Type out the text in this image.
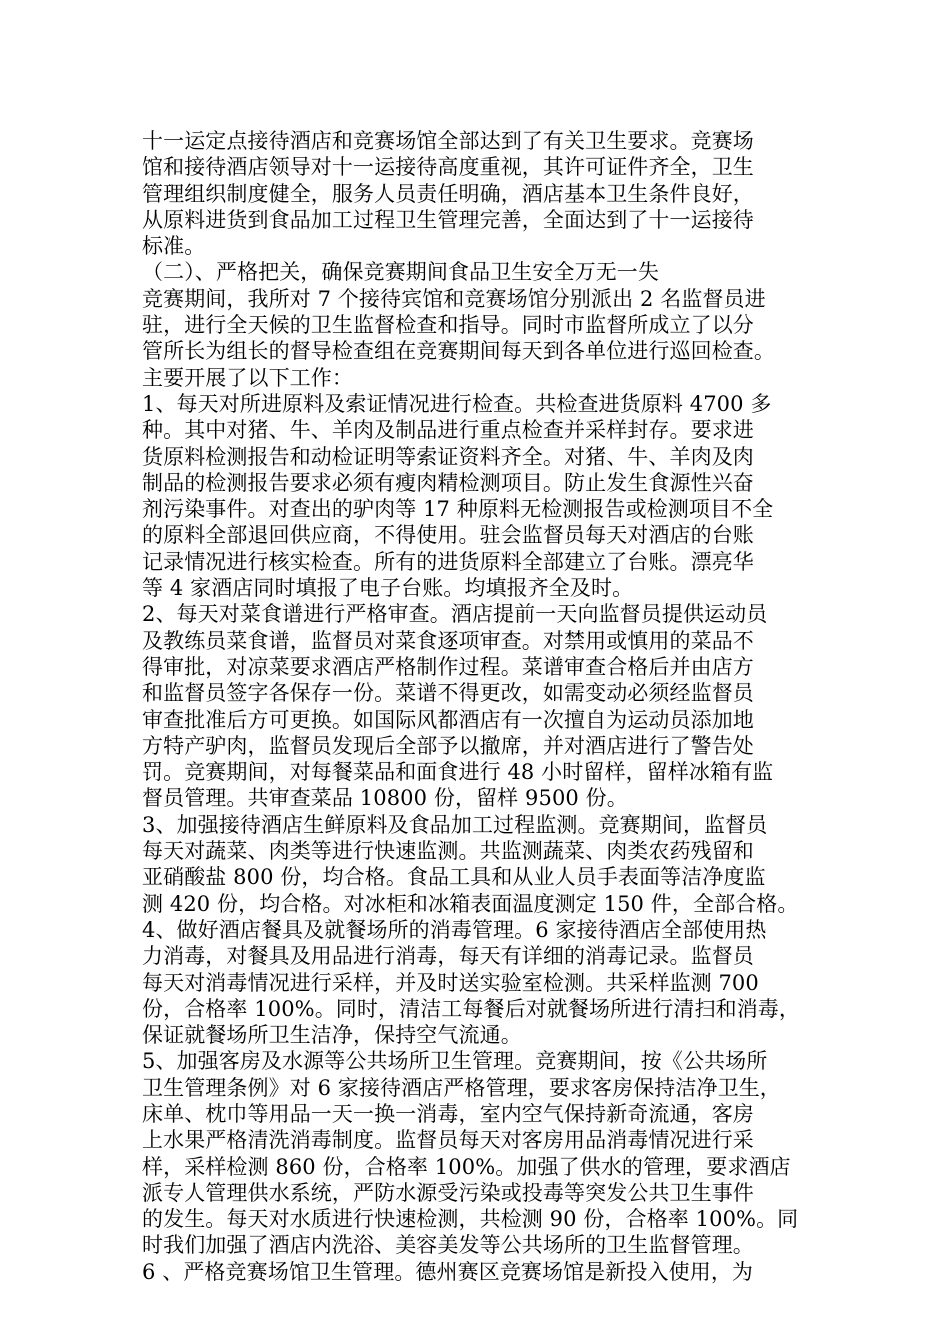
十一运定点接待酒店和竞赛场馆全部达到了有关卫生要求。竞赛场
馆和接待酒店领导对十一运接待高度重视，其许可证件齐全，卫生
管理组织制度健全，服务人员责任明确，酒店基本卫生条件良好，
从原料进货到食品加工过程卫生管理完善，全面达到了十一运接待
标准。
（二）、严格把关，确保竞赛期间食品卫生安全万无一失
竞赛期间，我所对 7 个接待宾馆和竞赛场馆分别派出 2 名监督员进
驻，进行全天候的卫生监督检查和指导。同时市监督所成立了以分
管所长为组长的督导检查组在竞赛期间每天到各单位进行巡回检查。
主要开展了以下工作：
1、每天对所进原料及索证情况进行检查。共检查进货原料 4700 多
种。其中对猪、牛、羊肉及制品进行重点检查并采样封存。要求进
货原料检测报告和动检证明等索证资料齐全。对猪、牛、羊肉及肉
制品的检测报告要求必须有瘦肉精检测项目。防止发生食源性兴奋
剂污染事件。对查出的驴肉等 17 种原料无检测报告或检测项目不全
的原料全部退回供应商，不得使用。驻会监督员每天对酒店的台账
记录情况进行核实检查。所有的进货原料全部建立了台账。漂亮华
等 4 家酒店同时填报了电子台账。均填报齐全及时。
2、每天对菜食谱进行严格审查。酒店提前一天向监督员提供运动员
及教练员菜食谱，监督员对菜食逐项审查。对禁用或慎用的菜品不
得审批，对凉菜要求酒店严格制作过程。菜谱审查合格后并由店方
和监督员签字各保存一份。菜谱不得更改，如需变动必须经监督员
审查批准后方可更换。如国际风都酒店有一次擅自为运动员添加地
方特产驴肉，监督员发现后全部予以撤席，并对酒店进行了警告处
罚。竞赛期间，对每餐菜品和面食进行 48 小时留样，留样冰箱有监
督员管理。共审查菜品 10800 份，留样 9500 份。
3、加强接待酒店生鲜原料及食品加工过程监测。竞赛期间，监督员
每天对蔬菜、肉类等进行快速监测。共监测蔬菜、肉类农药残留和
亚硝酸盐 800 份，均合格。食品工具和从业人员手表面等洁净度监
测 420 份，均合格。对冰柜和冰箱表面温度测定 150 件，全部合格。
4、做好酒店餐具及就餐场所的消毒管理。6 家接待酒店全部使用热
力消毒，对餐具及用品进行消毒，每天有详细的消毒记录。监督员
每天对消毒情况进行采样，并及时送实验室检测。共采样监测 700
份，合格率 100%。同时，清洁工每餐后对就餐场所进行清扫和消毒，
保证就餐场所卫生洁净，保持空气流通。
5、加强客房及水源等公共场所卫生管理。竞赛期间，按《公共场所
卫生管理条例》对 6 家接待酒店严格管理，要求客房保持洁净卫生，
床单、枕巾等用品一天一换一消毒，室内空气保持新奇流通，客房
上水果严格清洗消毒制度。监督员每天对客房用品消毒情况进行采
样，采样检测 860 份，合格率 100%。加强了供水的管理，要求酒店
派专人管理供水系统，严防水源受污染或投毒等突发公共卫生事件
的发生。每天对水质进行快速检测，共检测 90 份，合格率 100%。同
时我们加强了酒店内洗浴、美容美发等公共场所的卫生监督管理。
6 、严格竞赛场馆卫生管理。德州赛区竞赛场馆是新投入使用，为
